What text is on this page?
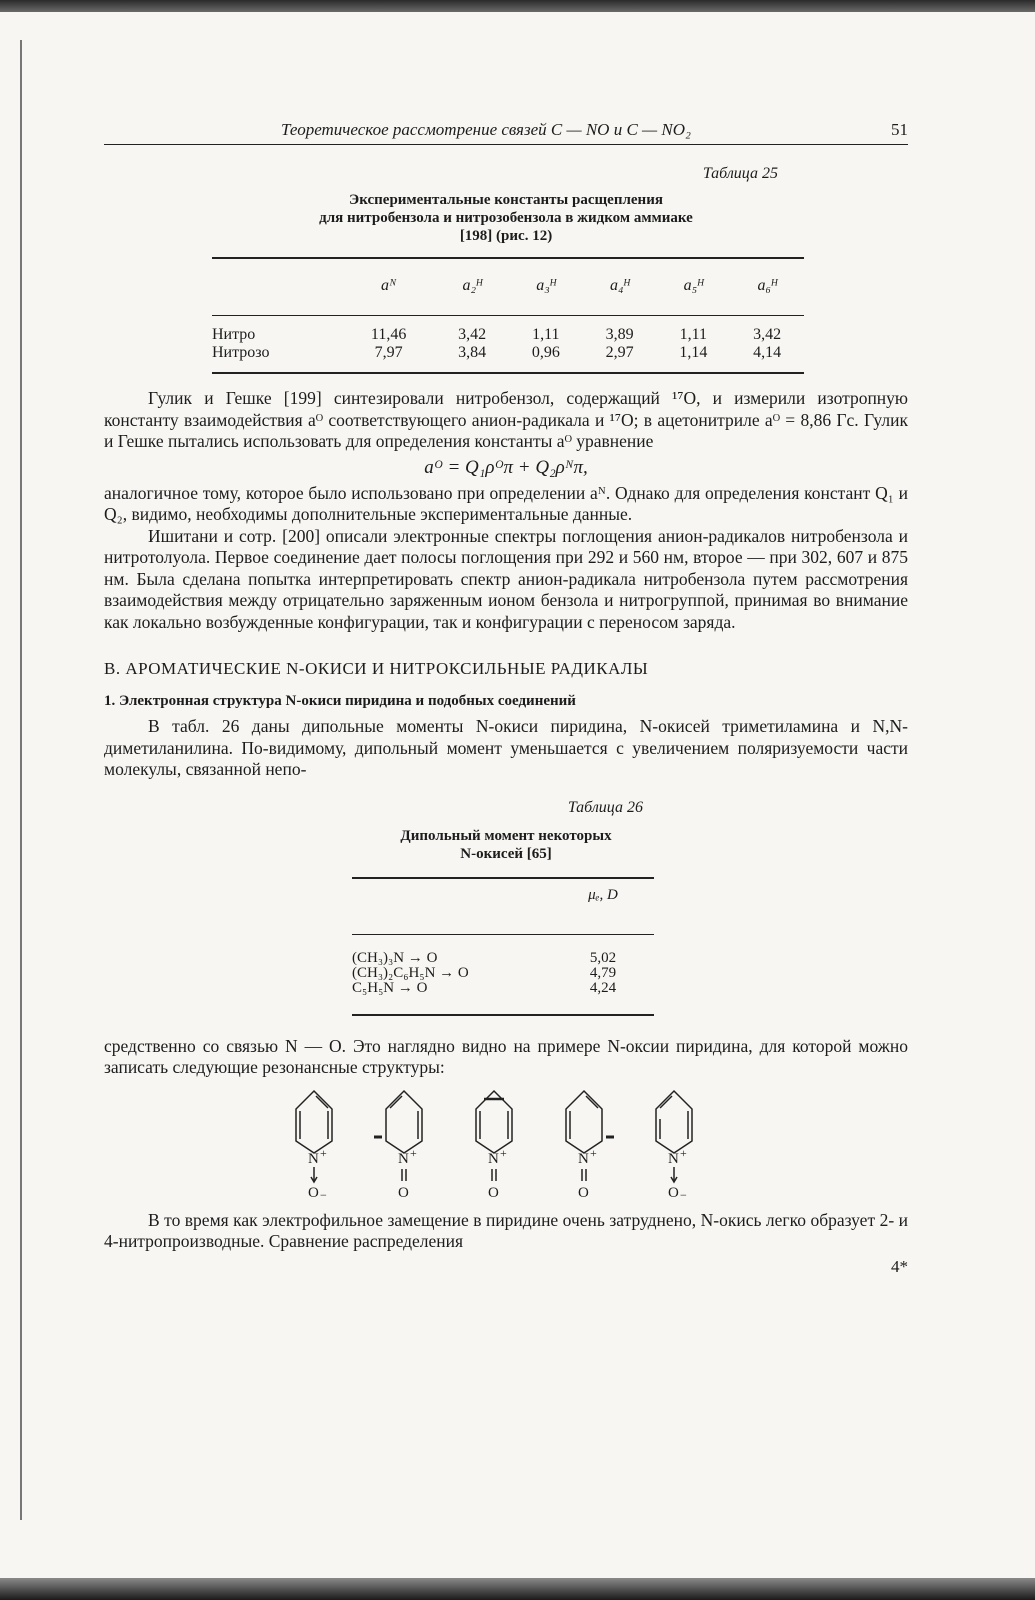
Теоретическое рассмотрение связей C — NO и C — NO₂	51
Таблица 25
Экспериментальные константы расщепления
для нитробензола и нитрозобензола в жидком аммиаке
[198] (рис. 12)
	aᴺ	a₂ᴴ	a₃ᴴ	a₄ᴴ	a₅ᴴ	a₆ᴴ
Нитро	11,46	3,42	1,11	3,89	1,11	3,42
Нитрозо	7,97	3,84	0,96	2,97	1,14	4,14

Гулик и Гешке [199] синтезировали нитробензол, содержащий ¹⁷O, и измерили изотропную константу взаимодействия aᴼ соответствующего анион-радикала и ¹⁷O; в ацетонитриле aᴼ = 8,86 Гс. Гулик и Гешке пытались использовать для определения константы aᴼ уравнение

aᴼ = Q₁ρᴼπ + Q₂ρᴺπ,

аналогичное тому, которое было использовано при определении aᴺ. Однако для определения констант Q₁ и Q₂, видимо, необходимы дополнительные экспериментальные данные.

Ишитани и сотр. [200] описали электронные спектры поглощения анион-радикалов нитробензола и нитротолуола. Первое соединение дает полосы поглощения при 292 и 560 нм, второе — при 302, 607 и 875 нм. Была сделана попытка интерпретировать спектр анион-радикала нитробензола путем рассмотрения взаимодействия между отрицательно заряженным ионом бензола и нитрогруппой, принимая во внимание как локально возбужденные конфигурации, так и конфигурации с переносом заряда.

В. АРОМАТИЧЕСКИЕ N-ОКИСИ И НИТРОКСИЛЬНЫЕ РАДИКАЛЫ
1. Электронная структура N-окиси пиридина и подобных соединений

В табл. 26 даны дипольные моменты N-окиси пиридина, N-окисей триметиламина и N,N-диметиланилина. По-видимому, дипольный момент уменьшается с увеличением поляризуемости части молекулы, связанной непо-

Таблица 26
Дипольный момент некоторых
N-окисей [65]
	μₑ, D
(CH₃)₃N → O	5,02
(CH₃)₂C₆H₅N → O	4,79
C₅H₅N → O	4,24

средственно со связью N — O. Это наглядно видно на примере N-оксии пиридина, для которой можно записать следующие резонансные структуры:

N +
O −
N +
O
N +
O
N +
O
N +
O −

В то время как электрофильное замещение в пиридине очень затруднено, N-окись легко образует 2- и 4-нитропроизводные. Сравнение распределения

4*
